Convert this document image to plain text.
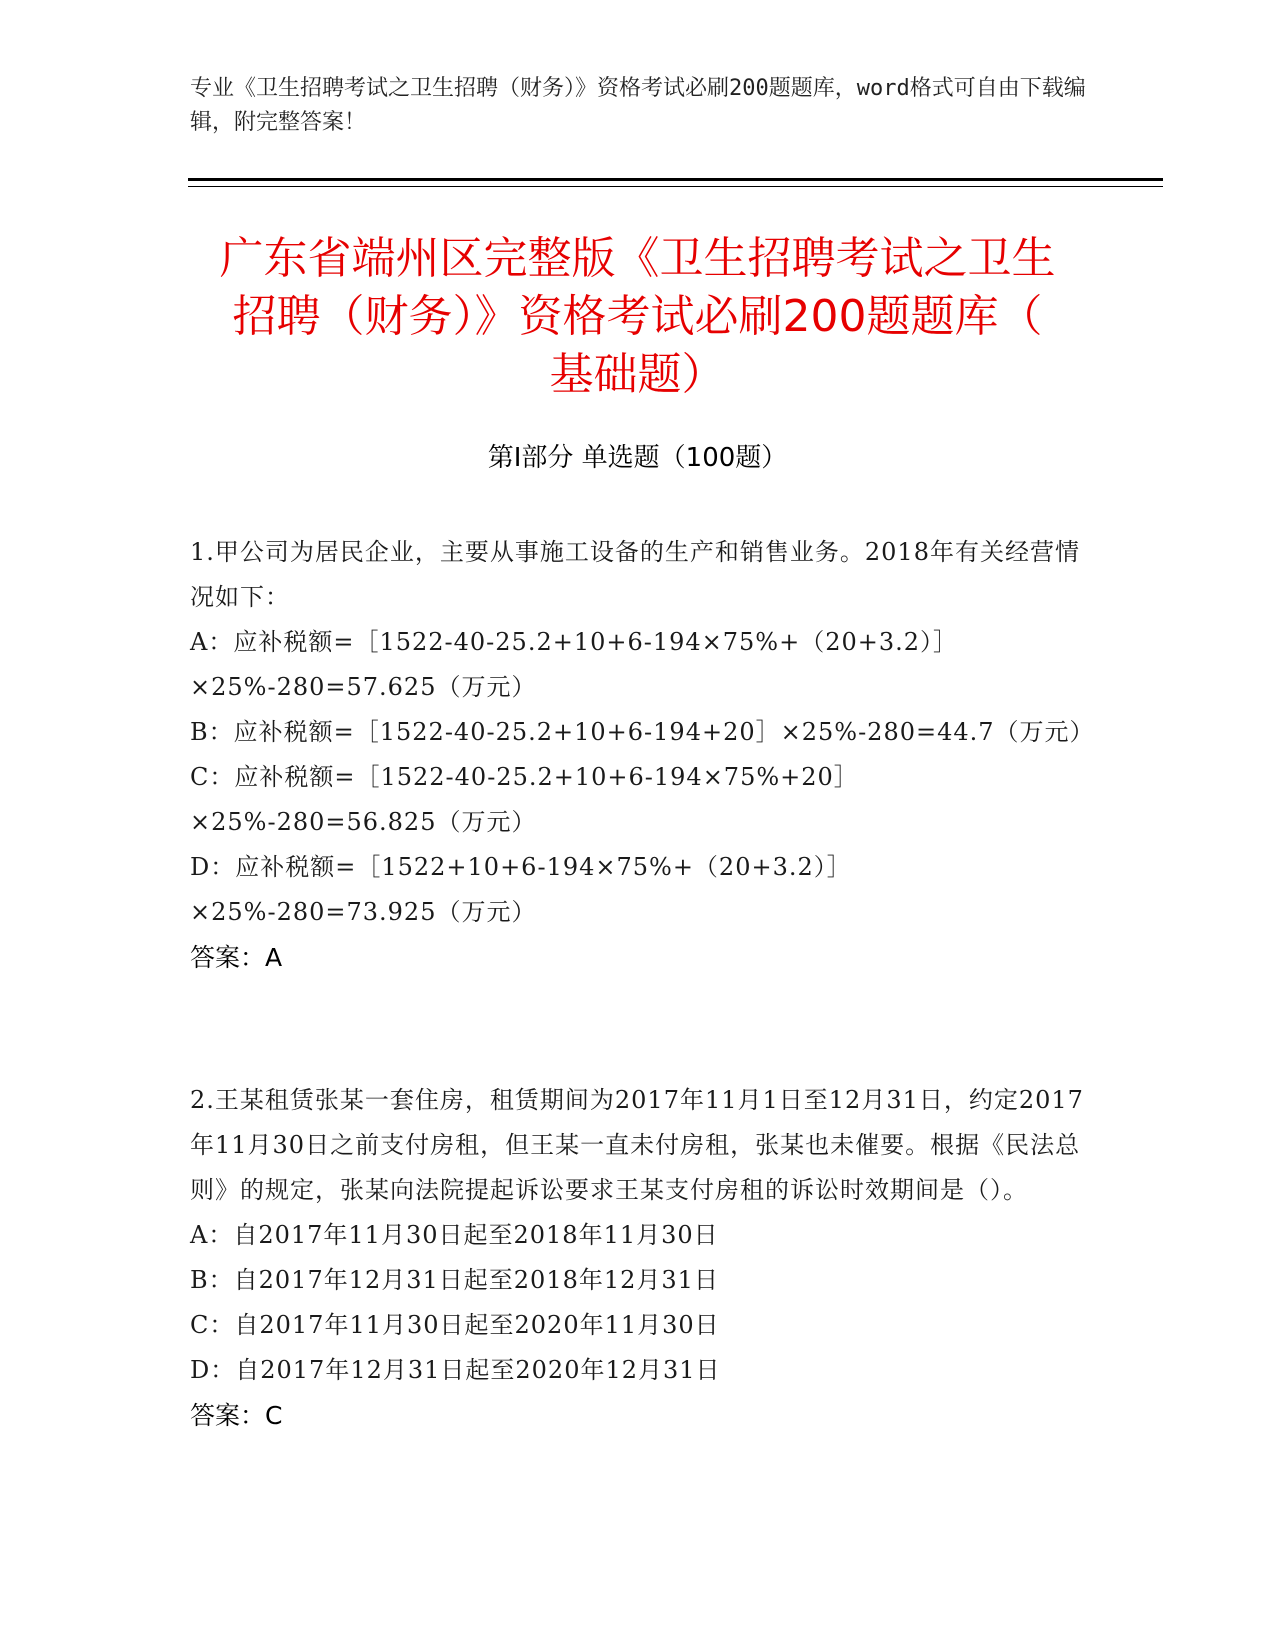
专业《卫生招聘考试之卫生招聘（财务）》资格考试必刷200题题库，word格式可自由下载编辑，附完整答案！
广东省端州区完整版《卫生招聘考试之卫生
招聘（财务）》资格考试必刷200题题库（
基础题）
第I部分 单选题（100题）
1.甲公司为居民企业，主要从事施工设备的生产和销售业务。2018年有关经营情况如下：
A：应补税额=［1522-40-25.2+10+6-194×75%+（20+3.2）］×25%-280=57.625（万元）
B：应补税额=［1522-40-25.2+10+6-194+20］×25%-280=44.7（万元）
C：应补税额=［1522-40-25.2+10+6-194×75%+20］×25%-280=56.825（万元）
D：应补税额=［1522+10+6-194×75%+（20+3.2）］×25%-280=73.925（万元）
答案：A
2.王某租赁张某一套住房，租赁期间为2017年11月1日至12月31日，约定2017年11月30日之前支付房租，但王某一直未付房租，张某也未催要。根据《民法总则》的规定，张某向法院提起诉讼要求王某支付房租的诉讼时效期间是（）。
A：自2017年11月30日起至2018年11月30日
B：自2017年12月31日起至2018年12月31日
C：自2017年11月30日起至2020年11月30日
D：自2017年12月31日起至2020年12月31日
答案：C
